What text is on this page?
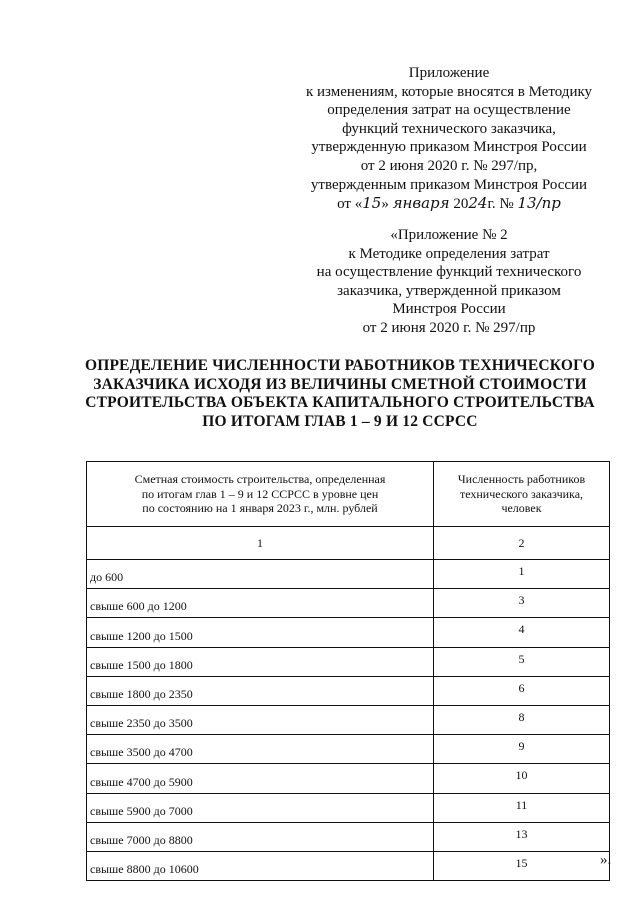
Приложение
к изменениям, которые вносятся в Методику
определения затрат на осуществление
функций технического заказчика,
утвержденную приказом Минстроя России
от 2 июня 2020 г. № 297/пр,
утвержденным приказом Минстроя России
от «15» января 2024г. № 13/пр
«Приложение № 2
к Методике определения затрат
на осуществление функций технического
заказчика, утвержденной приказом
Минстроя России
от 2 июня 2020 г. № 297/пр
ОПРЕДЕЛЕНИЕ ЧИСЛЕННОСТИ РАБОТНИКОВ ТЕХНИЧЕСКОГО
ЗАКАЗЧИКА ИСХОДЯ ИЗ ВЕЛИЧИНЫ СМЕТНОЙ СТОИМОСТИ
СТРОИТЕЛЬСТВА ОБЪЕКТА КАПИТАЛЬНОГО СТРОИТЕЛЬСТВА
ПО ИТОГАМ ГЛАВ 1 – 9 И 12 ССРСС
Сметная стоимость строительства, определенная
по итогам глав 1 – 9 и 12 ССРСС в уровне цен
по состоянию на 1 января 2023 г., млн. рублей	Численность работников
технического заказчика,
человек

1	2
до 600	1
свыше 600 до 1200	3
свыше 1200 до 1500	4
свыше 1500 до 1800	5
свыше 1800 до 2350	6
свыше 2350 до 3500	8
свыше 3500 до 4700	9
свыше 4700 до 5900	10
свыше 5900 до 7000	11
свыше 7000 до 8800	13
свыше 8800 до 10600	15	».
